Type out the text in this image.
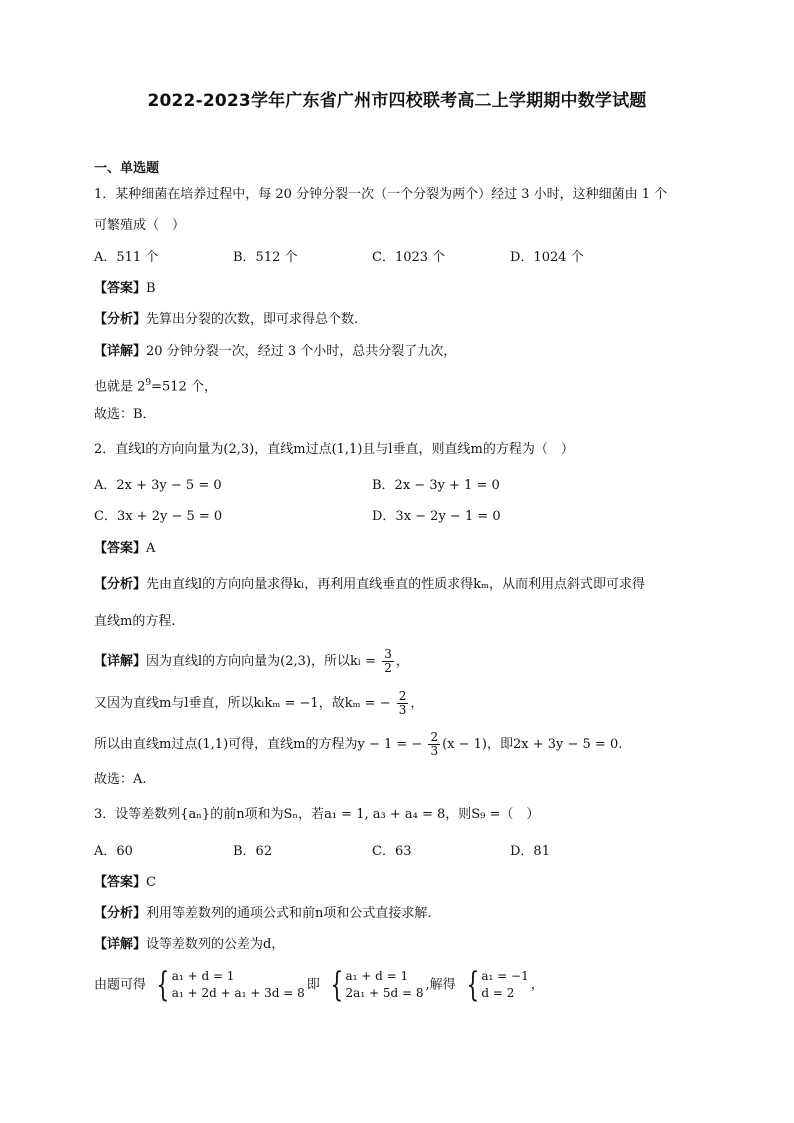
2022-2023学年广东省广州市四校联考高二上学期期中数学试题
一、单选题
1．某种细菌在培养过程中，每 20 分钟分裂一次（一个分裂为两个）经过 3 小时，这种细菌由 1 个
可繁殖成（　）
A．511 个	B．512 个	C．1023 个	D．1024 个
【答案】B
【分析】先算出分裂的次数，即可求得总个数.
【详解】20 分钟分裂一次，经过 3 个小时，总共分裂了九次，
也就是 $2^9=512$ 个，
故选：B．
2．直线l的方向向量为(2,3)，直线m过点(1,1)且与l垂直，则直线m的方程为（　）
A．2x + 3y − 5 = 0	B．2x − 3y + 1 = 0
C．3x + 2y − 5 = 0	D．3x − 2y − 1 = 0
【答案】A
【分析】先由直线l的方向向量求得kₗ，再利用直线垂直的性质求得kₘ，从而利用点斜式即可求得
直线m的方程.
【详解】因为直线l的方向向量为(2,3)，所以$k_l = \frac{3}{2}$ ，
又因为直线m与l垂直，所以kₗkₘ = −1，故kₘ = − $\frac{2}{3}$ ，
所以由直线m过点(1,1)可得，直线m的方程为y − 1 = − $\frac{2}{3} (x - 1)$，即2x + 3y − 5 = 0.
故选：A.
3．设等差数列{aₙ}的前n项和为Sₙ，若a₁ = 1, a₃ + a₄ = 8，则S₉ =（　）
A．60	B．62	C．63	D．81
【答案】C
【分析】利用等差数列的通项公式和前n项和公式直接求解.
【详解】设等差数列的公差为d，
由题可得 { a₁ + d = 1
a₁ + 2d + a₁ + 3d = 8
即 { a₁ + d = 1
2a₁ + 5d = 8
,解得 { a₁ = −1
d = 2
，
